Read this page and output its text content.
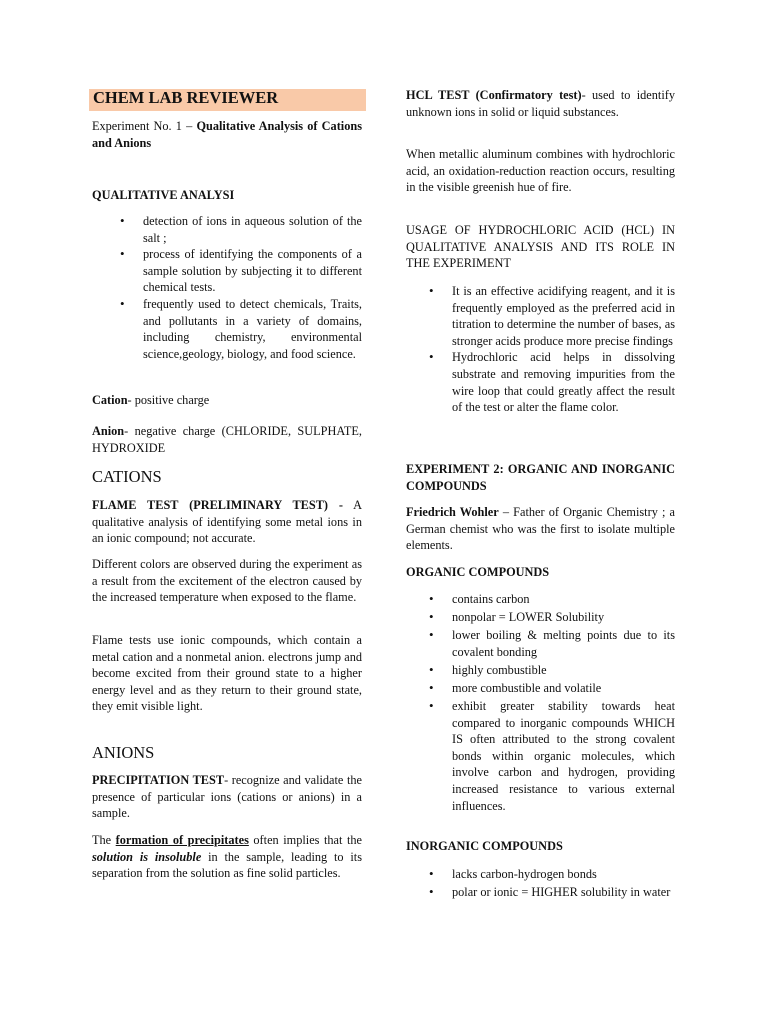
CHEM LAB REVIEWER

Experiment No. 1 – Qualitative Analysis of Cations and Anions

QUALITATIVE ANALYSI

• detection of ions in aqueous solution of the salt ;
• process of identifying the components of a sample solution by subjecting it to different chemical tests.
• frequently used to detect chemicals, Traits, and pollutants in a variety of domains, including chemistry, environmental science,geology, biology, and food science.

Cation- positive charge

Anion- negative charge (CHLORIDE, SULPHATE, HYDROXIDE

CATIONS

FLAME TEST (PRELIMINARY TEST) - A qualitative analysis of identifying some metal ions in an ionic compound; not accurate.

Different colors are observed during the experiment as a result from the excitement of the electron caused by the increased temperature when exposed to the flame.

Flame tests use ionic compounds, which contain a metal cation and a nonmetal anion. electrons jump and become excited from their ground state to a higher energy level and as they return to their ground state, they emit visible light.

ANIONS

PRECIPITATION TEST- recognize and validate the presence of particular ions (cations or anions) in a sample.

The formation of precipitates often implies that the solution is insoluble in the sample, leading to its separation from the solution as fine solid particles.

HCL TEST (Confirmatory test)- used to identify unknown ions in solid or liquid substances.

When metallic aluminum combines with hydrochloric acid, an oxidation-reduction reaction occurs, resulting in the visible greenish hue of fire.

USAGE OF HYDROCHLORIC ACID (HCL) IN QUALITATIVE ANALYSIS AND ITS ROLE IN THE EXPERIMENT

• It is an effective acidifying reagent, and it is frequently employed as the preferred acid in titration to determine the number of bases, as stronger acids produce more precise findings
• Hydrochloric acid helps in dissolving substrate and removing impurities from the wire loop that could greatly affect the result of the test or alter the flame color.

EXPERIMENT 2: ORGANIC AND INORGANIC COMPOUNDS

Friedrich Wohler – Father of Organic Chemistry ; a German chemist who was the first to isolate multiple elements.

ORGANIC COMPOUNDS

• contains carbon
• nonpolar = LOWER Solubility
• lower boiling & melting points due to its covalent bonding
• highly combustible
• more combustible and volatile
• exhibit greater stability towards heat compared to inorganic compounds WHICH IS often attributed to the strong covalent bonds within organic molecules, which involve carbon and hydrogen, providing increased resistance to various external influences.

INORGANIC COMPOUNDS

• lacks carbon-hydrogen bonds
• polar or ionic = HIGHER solubility in water
